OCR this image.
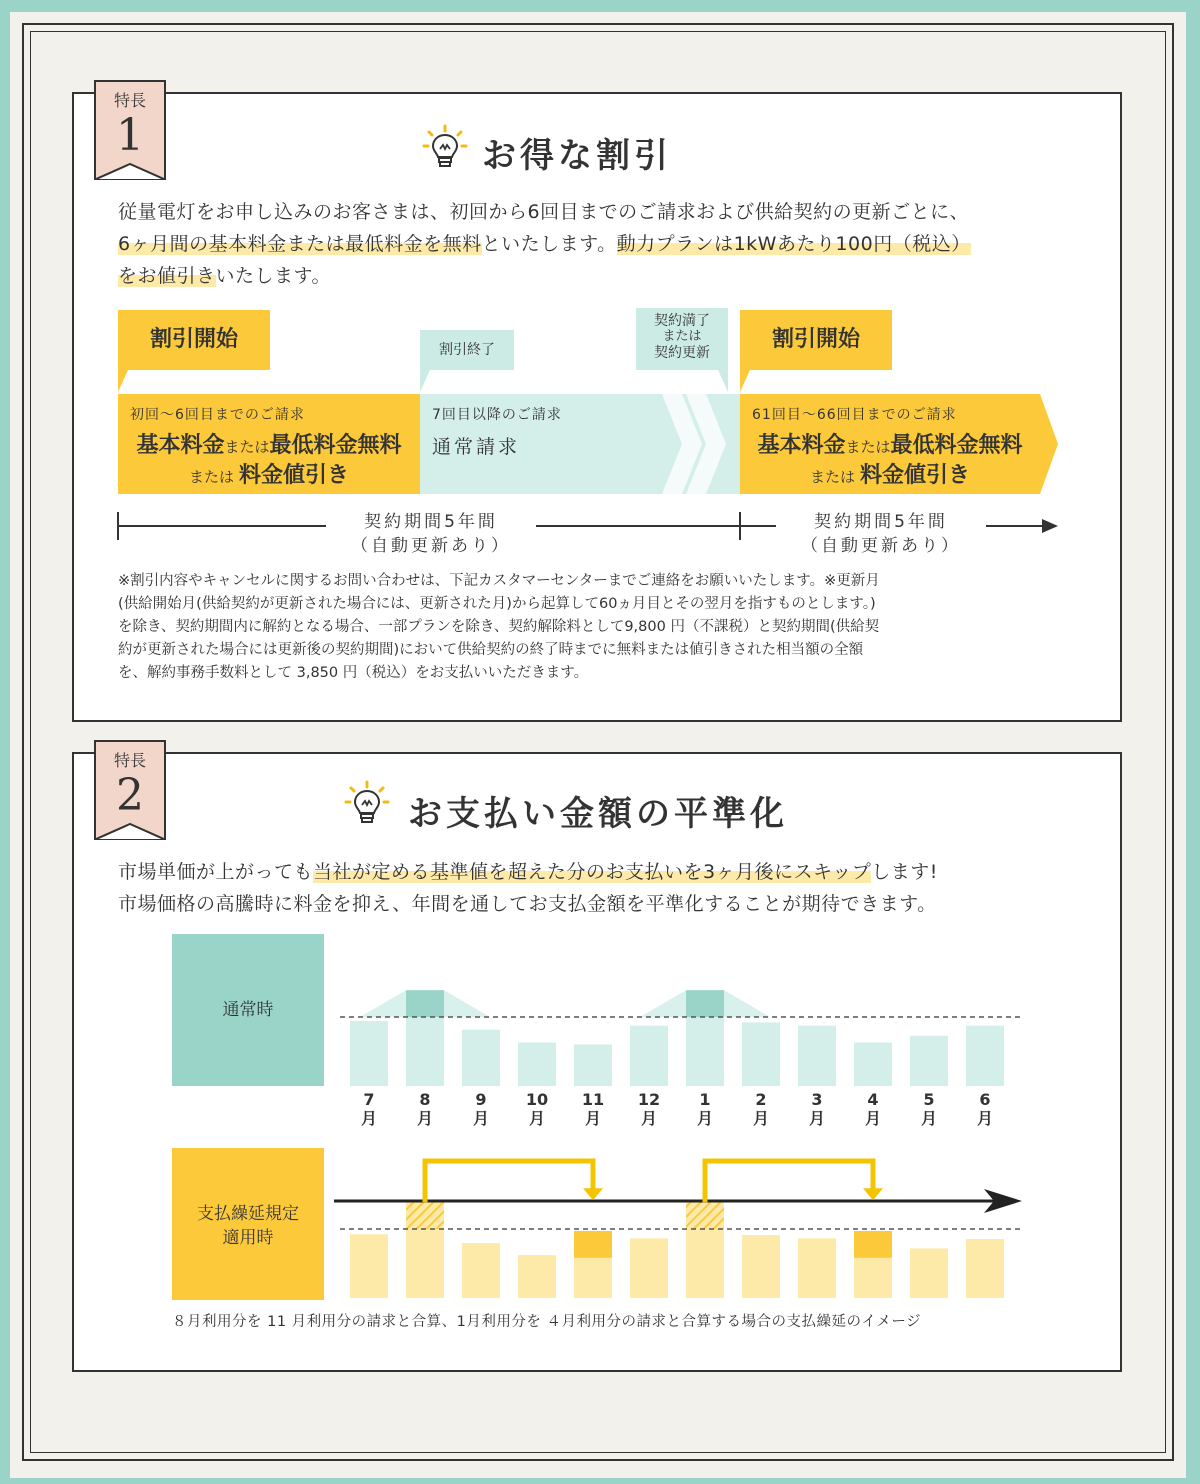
特長
1	お得な割引
従量電灯をお申し込みのお客さまは、初回から6回目までのご請求および供給契約の更新ごとに、
6ヶ月間の基本料金または最低料金を無料といたします。動力プランは1kWあたり100円（税込）
をお値引きいたします。
割引開始	割引終了
契約満了
または
契約更新
割引開始
初回～6回目までのご請求
基本料金または最低料金無料
または 料金値引き
7回目以降のご請求
通常請求
61回目～66回目までのご請求
基本料金または最低料金無料
または 料金値引き
契約期間5年間
（自動更新あり）
契約期間5年間
（自動更新あり）
※割引内容やキャンセルに関するお問い合わせは、下記カスタマーセンターまでご連絡をお願いいたします。※更新月
(供給開始月(供給契約が更新された場合には、更新された月)から起算して60ヵ月目とその翌月を指すものとします。)
を除き、契約期間内に解約となる場合、一部プランを除き、契約解除料として9,800 円（不課税）と契約期間(供給契
約が更新された場合には更新後の契約期間)において供給契約の終了時までに無料または値引きされた相当額の全額
を、解約事務手数料として 3,850 円（税込）をお支払いいただきます。
特長
2	お支払い金額の平準化
市場単価が上がっても当社が定める基準値を超えた分のお支払いを3ヶ月後にスキップします!
市場価格の高騰時に料金を抑え、年間を通してお支払金額を平準化することが期待できます。
通常時
支払繰延規定
適用時
7
月
8
月
9
月
10
月
11
月
12
月
1
月
2
月
3
月
4
月
5
月
6
月
８月利用分を 11 月利用分の請求と合算、1月利用分を ４月利用分の請求と合算する場合の支払繰延のイメージ
